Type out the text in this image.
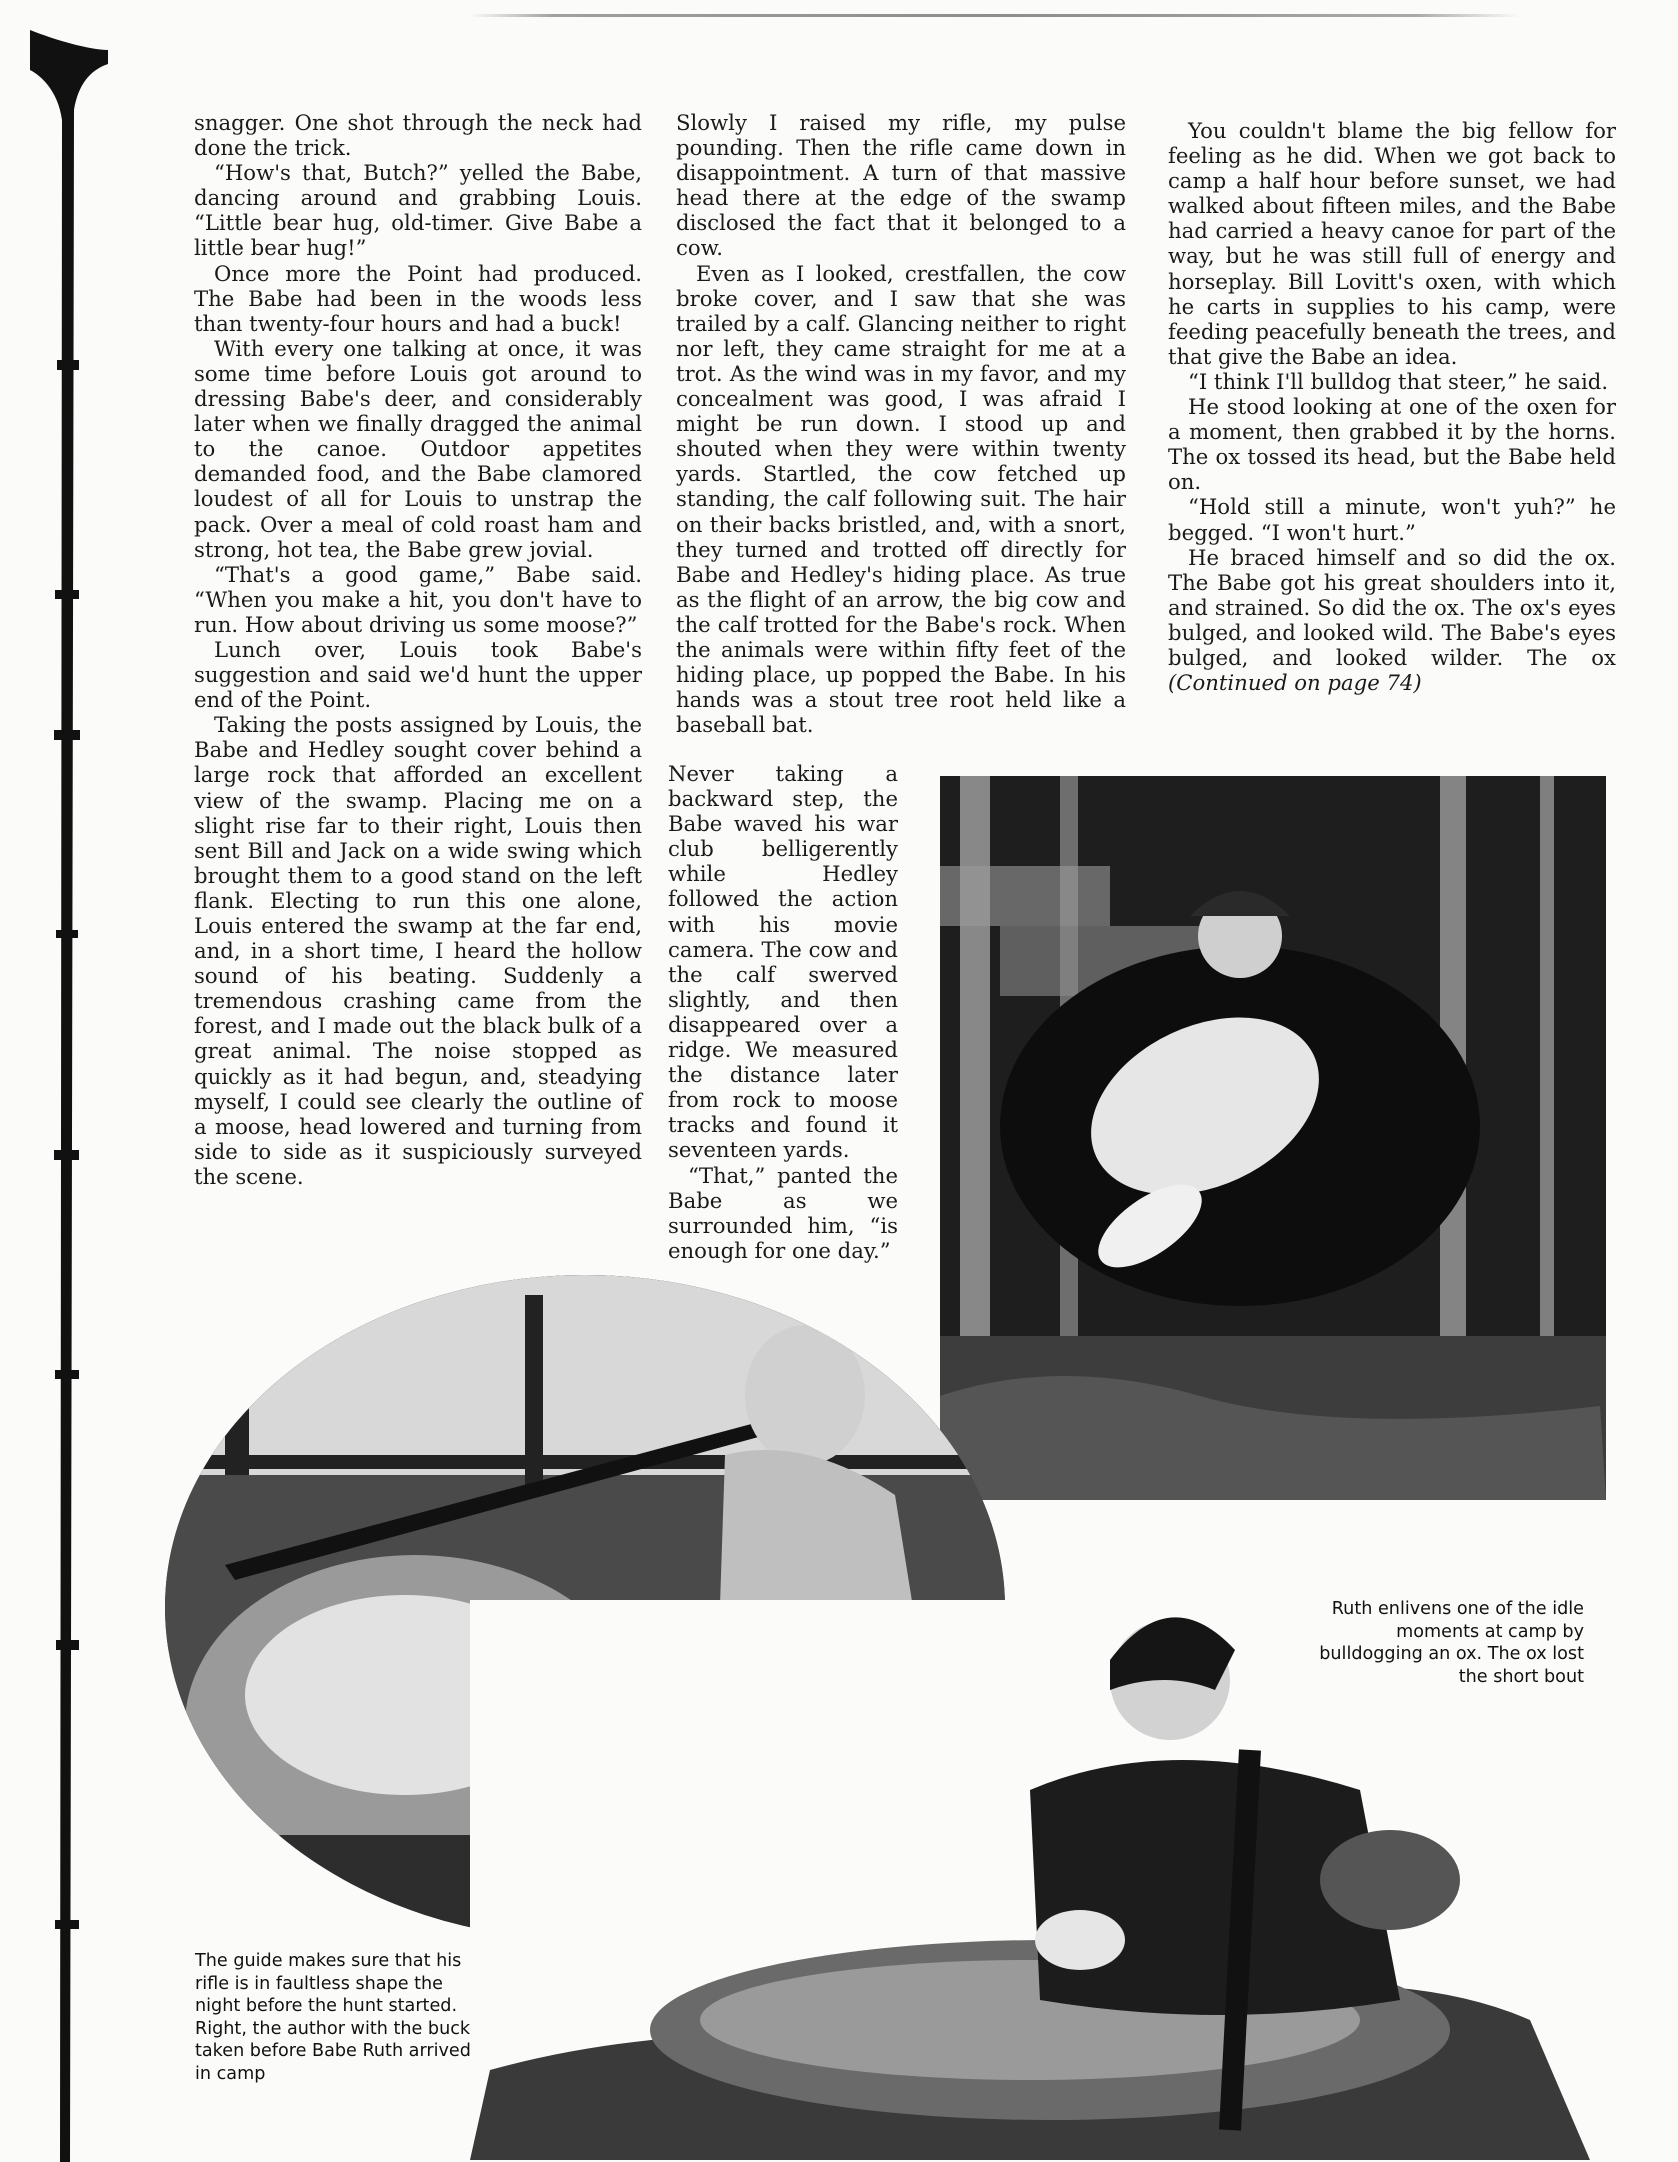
snagger. One shot through the neck had done the trick.

“How's that, Butch?” yelled the Babe, dancing around and grabbing Louis. “Little bear hug, old-timer. Give Babe a little bear hug!”

Once more the Point had produced. The Babe had been in the woods less than twenty-four hours and had a buck!

With every one talking at once, it was some time before Louis got around to dressing Babe's deer, and considerably later when we finally dragged the animal to the canoe. Outdoor appetites demanded food, and the Babe clamored loudest of all for Louis to unstrap the pack. Over a meal of cold roast ham and strong, hot tea, the Babe grew jovial.

“That's a good game,” Babe said. “When you make a hit, you don't have to run. How about driving us some moose?”

Lunch over, Louis took Babe's suggestion and said we'd hunt the upper end of the Point.

Taking the posts assigned by Louis, the Babe and Hedley sought cover behind a large rock that afforded an excellent view of the swamp. Placing me on a slight rise far to their right, Louis then sent Bill and Jack on a wide swing which brought them to a good stand on the left flank. Electing to run this one alone, Louis entered the swamp at the far end, and, in a short time, I heard the hollow sound of his beating. Suddenly a tremendous crashing came from the forest, and I made out the black bulk of a great animal. The noise stopped as quickly as it had begun, and, steadying myself, I could see clearly the outline of a moose, head lowered and turning from side to side as it suspiciously surveyed the scene.

Slowly I raised my rifle, my pulse pounding. Then the rifle came down in disappointment. A turn of that massive head there at the edge of the swamp disclosed the fact that it belonged to a cow.

Even as I looked, crestfallen, the cow broke cover, and I saw that she was trailed by a calf. Glancing neither to right nor left, they came straight for me at a trot. As the wind was in my favor, and my concealment was good, I was afraid I might be run down. I stood up and shouted when they were within twenty yards. Startled, the cow fetched up standing, the calf following suit. The hair on their backs bristled, and, with a snort, they turned and trotted off directly for Babe and Hedley's hiding place. As true as the flight of an arrow, the big cow and the calf trotted for the Babe's rock. When the animals were within fifty feet of the hiding place, up popped the Babe. In his hands was a stout tree root held like a baseball bat.

Never taking a backward step, the Babe waved his war club belligerently while Hedley followed the action with his movie camera. The cow and the calf swerved slightly, and then disappeared over a ridge. We measured the distance later from rock to moose tracks and found it seventeen yards.

“That,” panted the Babe as we surrounded him, “is enough for one day.”

You couldn't blame the big fellow for feeling as he did. When we got back to camp a half hour before sunset, we had walked about fifteen miles, and the Babe had carried a heavy canoe for part of the way, but he was still full of energy and horseplay. Bill Lovitt's oxen, with which he carts in supplies to his camp, were feeding peacefully beneath the trees, and that give the Babe an idea.

“I think I'll bulldog that steer,” he said.

He stood looking at one of the oxen for a moment, then grabbed it by the horns. The ox tossed its head, but the Babe held on.

“Hold still a minute, won't yuh?” he begged. “I won't hurt.”

He braced himself and so did the ox. The Babe got his great shoulders into it, and strained. So did the ox. The ox's eyes bulged, and looked wild. The Babe's eyes bulged, and looked wilder. The ox (Continued on page 74)

Ruth enlivens one of the idle moments at camp by bulldogging an ox. The ox lost the short bout
The guide makes sure that his rifle is in faultless shape the night before the hunt started. Right, the author with the buck taken before Babe Ruth arrived in camp
